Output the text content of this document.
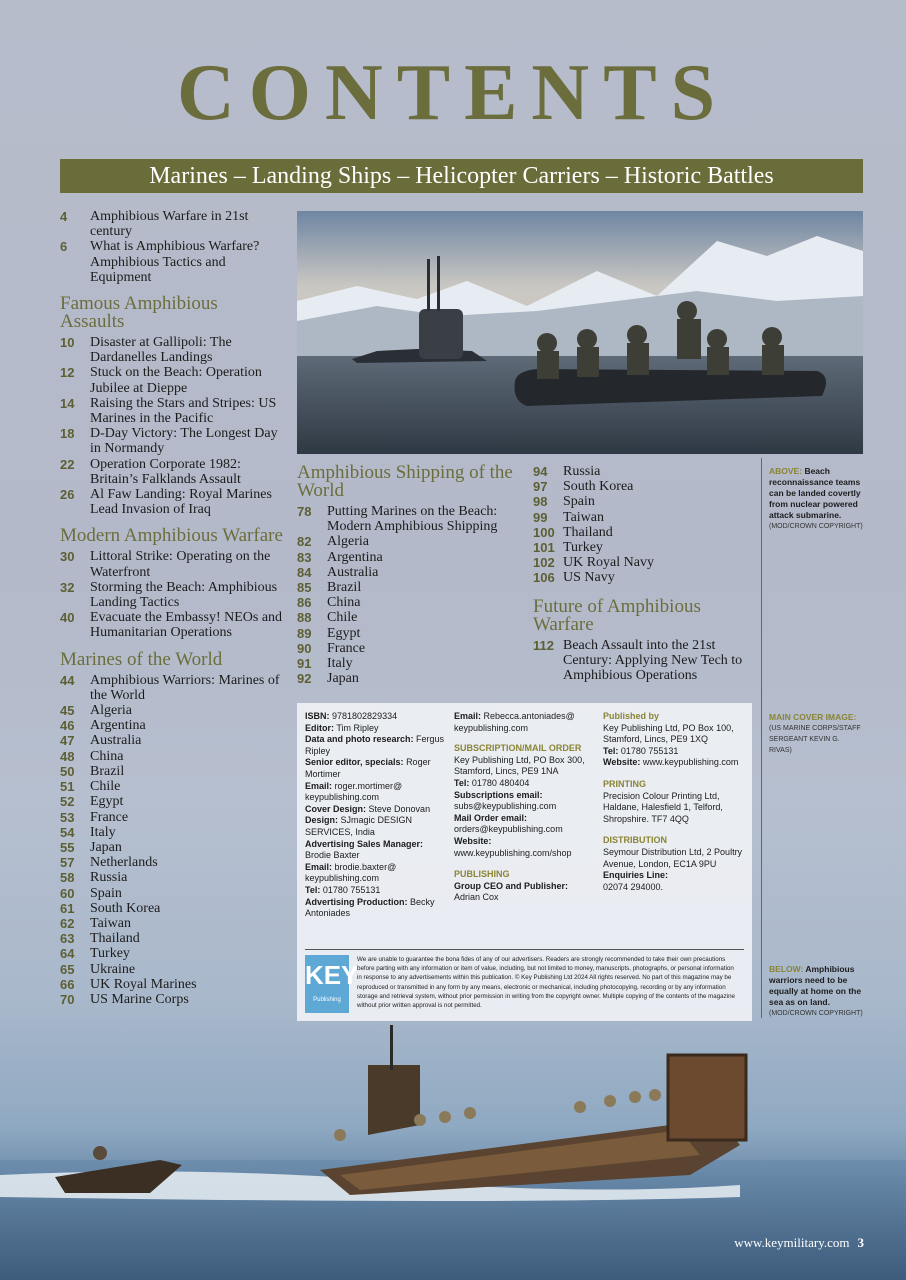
CONTENTS
Marines – Landing Ships – Helicopter Carriers – Historic Battles
4	Amphibious Warfare in 21st century
6	What is Amphibious Warfare? Amphibious Tactics and Equipment
Famous Amphibious Assaults
10	Disaster at Gallipoli: The Dardanelles Landings
12	Stuck on the Beach: Operation Jubilee at Dieppe
14	Raising the Stars and Stripes: US Marines in the Pacific
18	D-Day Victory: The Longest Day in Normandy
22	Operation Corporate 1982: Britain’s Falklands Assault
26	Al Faw Landing: Royal Marines Lead Invasion of Iraq
Modern Amphibious Warfare
30	Littoral Strike: Operating on the Waterfront
32	Storming the Beach: Amphibious Landing Tactics
40	Evacuate the Embassy! NEOs and Humanitarian Operations
Marines of the World
44	Amphibious Warriors: Marines of the World
45	Algeria
46	Argentina
47	Australia
48	China
50	Brazil
51	Chile
52	Egypt
53	France
54	Italy
55	Japan
57	Netherlands
58	Russia
60	Spain
61	South Korea
62	Taiwan
63	Thailand
64	Turkey
65	Ukraine
66	UK Royal Marines
70	US Marine Corps
Amphibious Shipping of the World
78	Putting Marines on the Beach: Modern Amphibious Shipping
82	Algeria
83	Argentina
84	Australia
85	Brazil
86	China
88	Chile
89	Egypt
90	France
91	Italy
92	Japan
94	Russia
97	South Korea
98	Spain
99	Taiwan
100 Thailand
101 Turkey
102 UK Royal Navy
106 US Navy
Future of Amphibious Warfare
112 Beach Assault into the 21st Century: Applying New Tech to Amphibious Operations
ABOVE: Beach reconnaissance teams can be landed covertly from nuclear powered attack submarine.
(MOD/CROWN COPYRIGHT)
MAIN COVER IMAGE:
(US MARINE CORPS/STAFF SERGEANT KEVIN G. RIVAS)
BELOW: Amphibious warriors need to be equally at home on the sea as on land.
(MOD/CROWN COPYRIGHT)
ISBN: 9781802829334
Editor: Tim Ripley
Data and photo research: Fergus Ripley
Senior editor, specials: Roger Mortimer
Email: roger.mortimer@ keypublishing.com
Cover Design: Steve Donovan
Design: SJmagic DESIGN SERVICES, India
Advertising Sales Manager: Brodie Baxter
Email: brodie.baxter@ keypublishing.com
Tel: 01780 755131
Advertising Production: Becky Antoniades
Email: Rebecca.antoniades@ keypublishing.com
SUBSCRIPTION/MAIL ORDER
Key Publishing Ltd, PO Box 300, Stamford, Lincs, PE9 1NA
Tel: 01780 480404
Subscriptions email:
subs@keypublishing.com
Mail Order email:
orders@keypublishing.com
Website:
www.keypublishing.com/shop
PUBLISHING
Group CEO and Publisher:
Adrian Cox
Published by
Key Publishing Ltd, PO Box 100, Stamford, Lincs, PE9 1XQ
Tel: 01780 755131
Website: www.keypublishing.com
PRINTING
Precision Colour Printing Ltd, Haldane, Halesfield 1, Telford, Shropshire. TF7 4QQ
DISTRIBUTION
Seymour Distribution Ltd, 2 Poultry Avenue, London, EC1A 9PU
Enquiries Line:
02074 294000.
KEY
Publishing
We are unable to guarantee the bona fides of any of our advertisers. Readers are strongly recommended to take their own precautions before parting with any information or item of value, including, but not limited to money, manuscripts, photographs, or personal information in response to any advertisements within this publication. © Key Publishing Ltd 2024 All rights reserved. No part of this magazine may be reproduced or transmitted in any form by any means, electronic or mechanical, including photocopying, recording or by any information storage and retrieval system, without prior permission in writing from the copyright owner. Multiple copying of the contents of the magazine without prior written approval is not permitted.
www.keymilitary.com 3
